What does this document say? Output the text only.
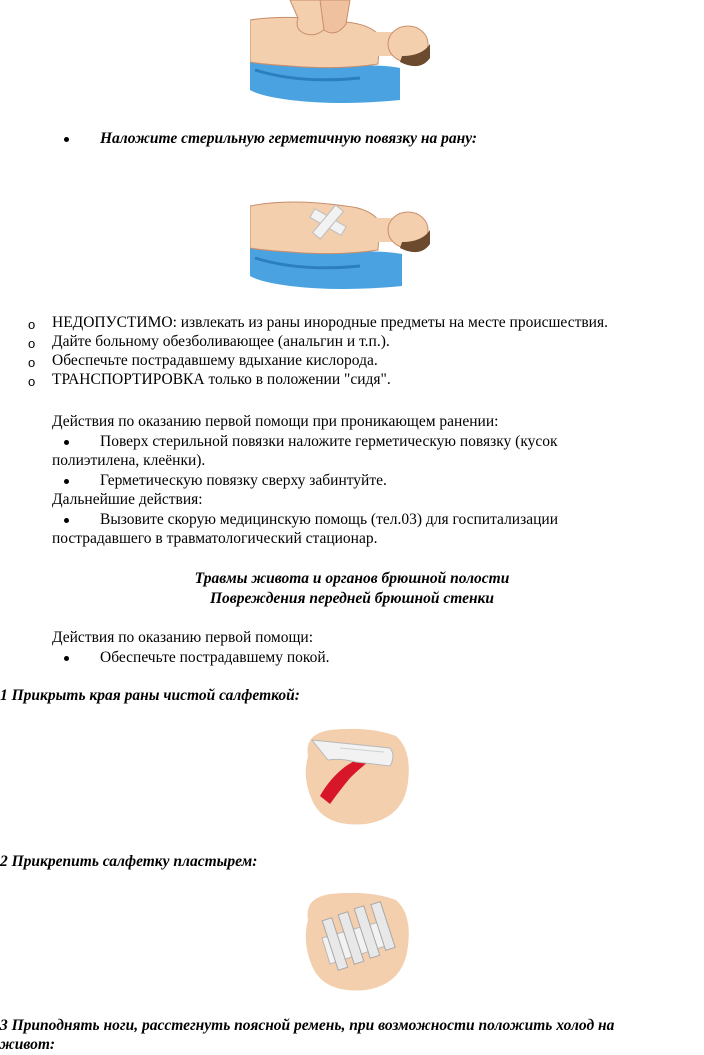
Наложите стерильную герметичную повязку на рану:
o НЕДОПУСТИМО: извлекать из раны инородные предметы на месте происшествия.
o Дайте больному обезболивающее (анальгин и т.п.).
o Обеспечьте пострадавшему вдыхание кислорода.
o ТРАНСПОРТИРОВКА только в положении "сидя".
Действия по оказанию первой помощи при проникающем ранении:
Поверх стерильной повязки наложите герметическую повязку (кусок
полиэтилена, клеёнки).
Герметическую повязку сверху забинтуйте.
Дальнейшие действия:
Вызовите скорую медицинскую помощь (тел.03) для госпитализации
пострадавшего в травматологический стационар.
Травмы живота и органов брюшной полости
Повреждения передней брюшной стенки
Действия по оказанию первой помощи:
Обеспечьте пострадавшему покой.
1 Прикрыть края раны чистой салфеткой:
2 Прикрепить салфетку пластырем:
3 Приподнять ноги, расстегнуть поясной ремень, при возможности положить холод на
живот:
